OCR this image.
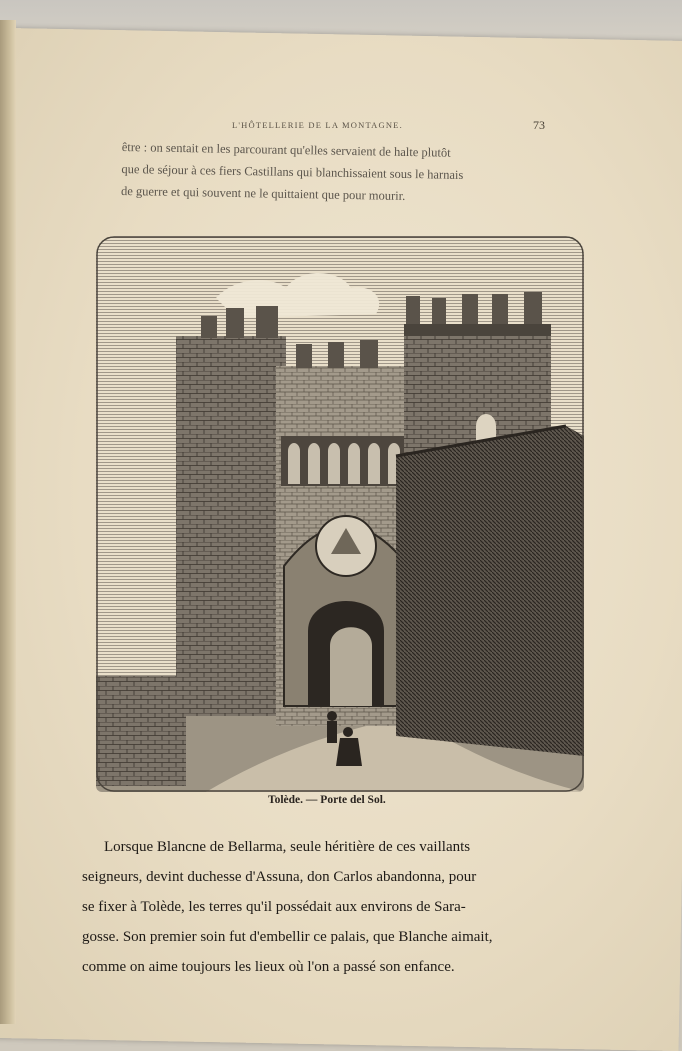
L'HÔTELLERIE DE LA MONTAGNE.	73
être : on sentait en les parcourant qu'elles servaient de halte plutôt
que de séjour à ces fiers Castillans qui blanchissaient sous le harnais
de guerre et qui souvent ne le quittaient que pour mourir.
Tolède. — Porte del Sol.
Lorsque Blancne de Bellarma, seule héritière de ces vaillants
seigneurs, devint duchesse d'Assuna, don Carlos abandonna, pour
se fixer à Tolède, les terres qu'il possédait aux environs de Sara-
gosse. Son premier soin fut d'embellir ce palais, que Blanche aimait,
comme on aime toujours les lieux où l'on a passé son enfance.
